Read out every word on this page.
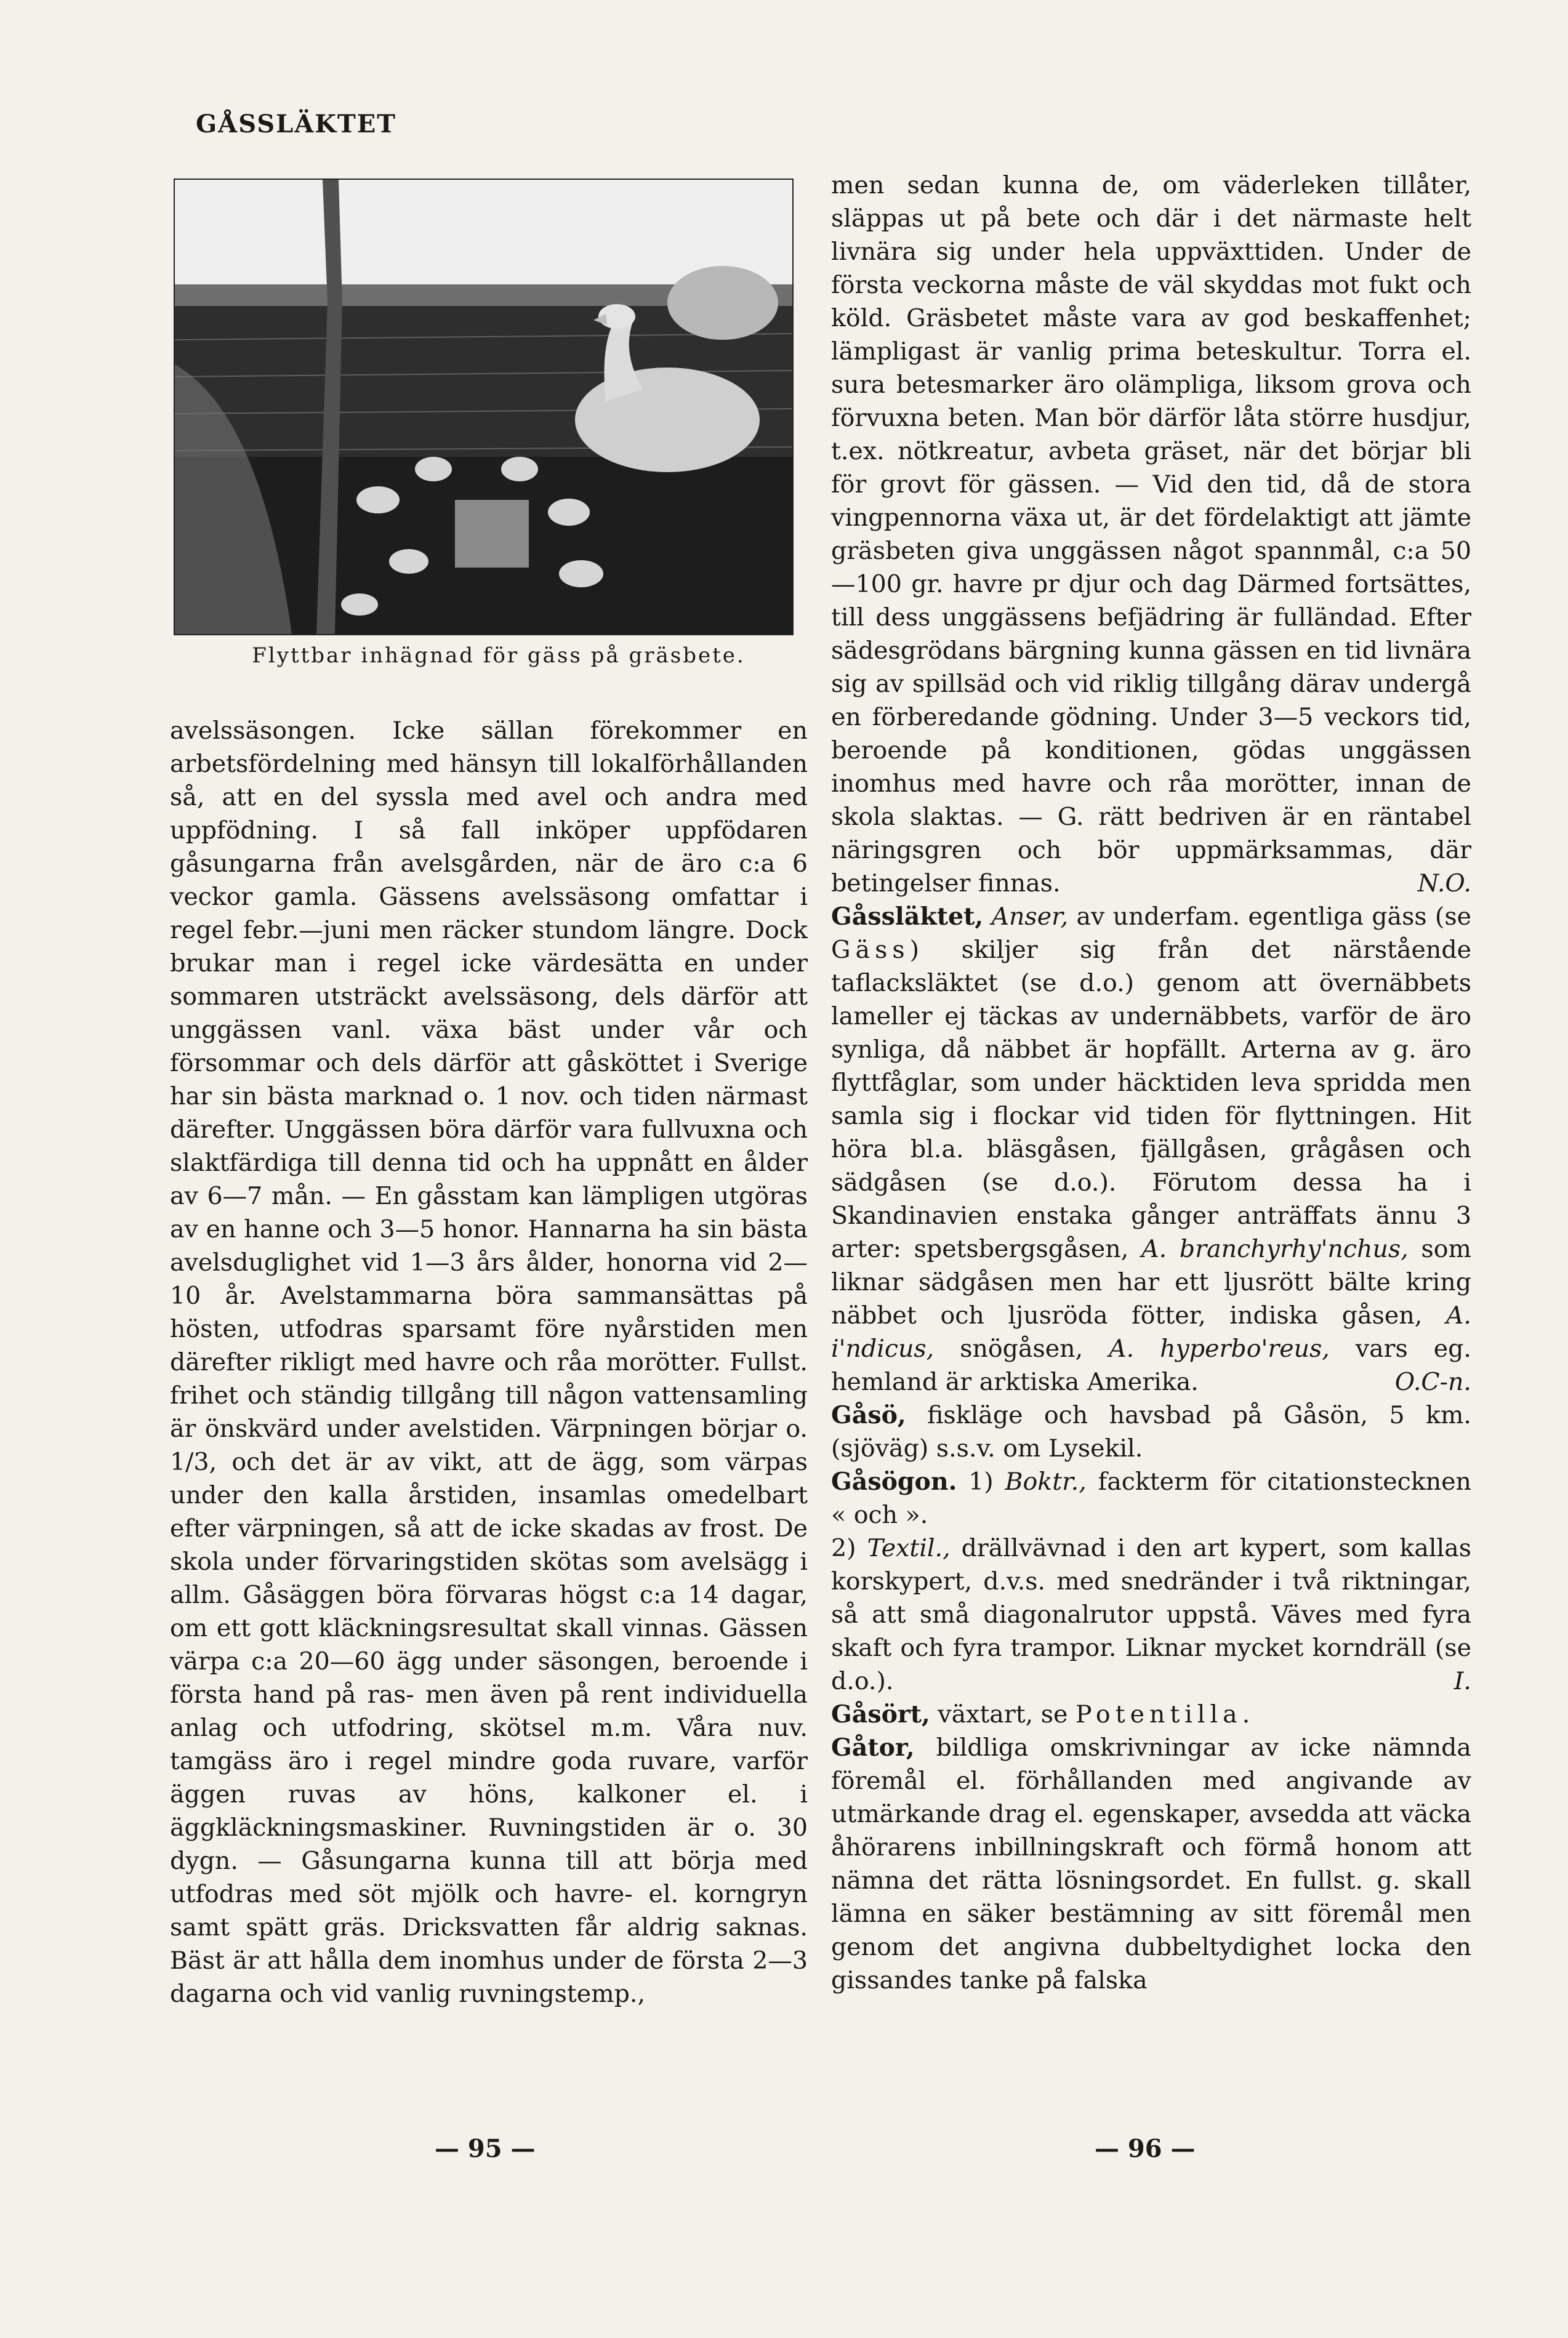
GÅSSLÄKTET
Flyttbar inhägnad för gäss på gräsbete.

avelssäsongen. Icke sällan förekommer en arbetsfördelning med hänsyn till lokalförhållanden så, att en del syssla med avel och andra med uppfödning. I så fall inköper uppfödaren gåsungarna från avelsgården, när de äro c:a 6 veckor gamla. Gässens avelssäsong omfattar i regel febr.—juni men räcker stundom längre. Dock brukar man i regel icke värdesätta en under sommaren utsträckt avelssäsong, dels därför att unggässen vanl. växa bäst under vår och försommar och dels därför att gåsköttet i Sverige har sin bästa marknad o. 1 nov. och tiden närmast därefter. Unggässen böra därför vara fullvuxna och slaktfärdiga till denna tid och ha uppnått en ålder av 6—7 mån. — En gåsstam kan lämpligen utgöras av en hanne och 3—5 honor. Hannarna ha sin bästa avelsduglighet vid 1—3 års ålder, honorna vid 2—10 år. Avelstammarna böra sammansättas på hösten, utfodras sparsamt före nyårstiden men därefter rikligt med havre och råa morötter. Fullst. frihet och ständig tillgång till någon vattensamling är önskvärd under avelstiden. Värpningen börjar o. 1/3, och det är av vikt, att de ägg, som värpas under den kalla årstiden, insamlas omedelbart efter värpningen, så att de icke skadas av frost. De skola under förvaringstiden skötas som avelsägg i allm. Gåsäggen böra förvaras högst c:a 14 dagar, om ett gott kläckningsresultat skall vinnas. Gässen värpa c:a 20—60 ägg under säsongen, beroende i första hand på ras- men även på rent individuella anlag och utfodring, skötsel m.m. Våra nuv. tamgäss äro i regel mindre goda ruvare, varför äggen ruvas av höns, kalkoner el. i äggkläckningsmaskiner. Ruvningstiden är o. 30 dygn. — Gåsungarna kunna till att börja med utfodras med söt mjölk och havre- el. korngryn samt spätt gräs. Dricksvatten får aldrig saknas. Bäst är att hålla dem inomhus under de första 2—3 dagarna och vid vanlig ruvningstemp.,

men sedan kunna de, om väderleken tillåter, släppas ut på bete och där i det närmaste helt livnära sig under hela uppväxttiden. Under de första veckorna måste de väl skyddas mot fukt och köld. Gräsbetet måste vara av god beskaffenhet; lämpligast är vanlig prima beteskultur. Torra el. sura betesmarker äro olämpliga, liksom grova och förvuxna beten. Man bör därför låta större husdjur, t.ex. nötkreatur, avbeta gräset, när det börjar bli för grovt för gässen. — Vid den tid, då de stora vingpennorna växa ut, är det fördelaktigt att jämte gräsbeten giva unggässen något spannmål, c:a 50—100 gr. havre pr djur och dag Därmed fortsättes, till dess unggässens befjädring är fulländad. Efter sädesgrödans bärgning kunna gässen en tid livnära sig av spillsäd och vid riklig tillgång därav undergå en förberedande gödning. Under 3—5 veckors tid, beroende på konditionen, gödas unggässen inomhus med havre och råa morötter, innan de skola slaktas. — G. rätt bedriven är en räntabel näringsgren och bör uppmärksammas, där betingelser finnas.	N.O.

Gåssläktet, Anser, av underfam. egentliga gäss (se Gäss) skiljer sig från det närstående taflacksläktet (se d.o.) genom att övernäbbets lameller ej täckas av undernäbbets, varför de äro synliga, då näbbet är hopfällt. Arterna av g. äro flyttfåglar, som under häcktiden leva spridda men samla sig i flockar vid tiden för flyttningen. Hit höra bl.a. bläsgåsen, fjällgåsen, grågåsen och sädgåsen (se d.o.). Förutom dessa ha i Skandinavien enstaka gånger anträffats ännu 3 arter: spetsbergsgåsen, A. branchyrhy'nchus, som liknar sädgåsen men har ett ljusrött bälte kring näbbet och ljusröda fötter, indiska gåsen, A. i'ndicus, snögåsen, A. hyperbo'reus, vars eg. hemland är arktiska Amerika.	O.C-n.

Gåsö, fiskläge och havsbad på Gåsön, 5 km. (sjöväg) s.s.v. om Lysekil.

Gåsögon. 1) Boktr., fackterm för citationstecknen « och ».

2) Textil., drällvävnad i den art kypert, som kallas korskypert, d.v.s. med snedränder i två riktningar, så att små diagonalrutor uppstå. Väves med fyra skaft och fyra trampor. Liknar mycket korndräll (se d.o.).	I.

Gåsört, växtart, se Potentilla.

Gåtor, bildliga omskrivningar av icke nämnda föremål el. förhållanden med angivande av utmärkande drag el. egenskaper, avsedda att väcka åhörarens inbillningskraft och förmå honom att nämna det rätta lösningsordet. En fullst. g. skall lämna en säker bestämning av sitt föremål men genom det angivna dubbeltydighet locka den gissandes tanke på falska

— 95 —	— 96 —
